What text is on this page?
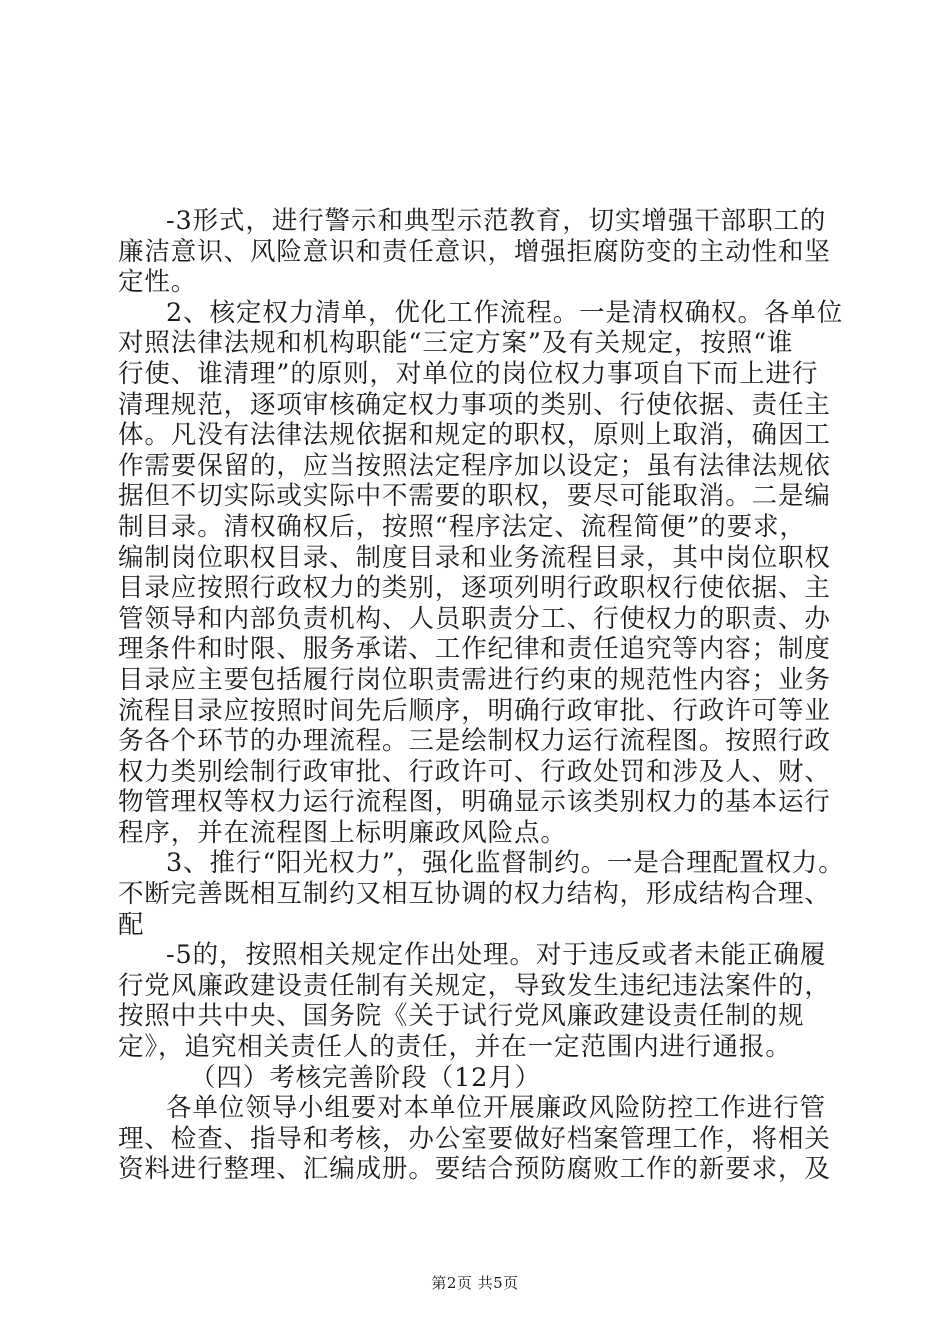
-3形式，进行警示和典型示范教育，切实增强干部职工的
廉洁意识、风险意识和责任意识，增强拒腐防变的主动性和坚
定性。
2、核定权力清单，优化工作流程。一是清权确权。各单位
对照法律法规和机构职能“三定方案”及有关规定，按照“谁
行使、谁清理”的原则，对单位的岗位权力事项自下而上进行
清理规范，逐项审核确定权力事项的类别、行使依据、责任主
体。凡没有法律法规依据和规定的职权，原则上取消，确因工
作需要保留的，应当按照法定程序加以设定；虽有法律法规依
据但不切实际或实际中不需要的职权，要尽可能取消。二是编
制目录。清权确权后，按照“程序法定、流程简便”的要求，
编制岗位职权目录、制度目录和业务流程目录，其中岗位职权
目录应按照行政权力的类别，逐项列明行政职权行使依据、主
管领导和内部负责机构、人员职责分工、行使权力的职责、办
理条件和时限、服务承诺、工作纪律和责任追究等内容；制度
目录应主要包括履行岗位职责需进行约束的规范性内容；业务
流程目录应按照时间先后顺序，明确行政审批、行政许可等业
务各个环节的办理流程。三是绘制权力运行流程图。按照行政
权力类别绘制行政审批、行政许可、行政处罚和涉及人、财、
物管理权等权力运行流程图，明确显示该类别权力的基本运行
程序，并在流程图上标明廉政风险点。
3、推行“阳光权力”，强化监督制约。一是合理配置权力。
不断完善既相互制约又相互协调的权力结构，形成结构合理、
配
-5的，按照相关规定作出处理。对于违反或者未能正确履
行党风廉政建设责任制有关规定，导致发生违纪违法案件的，
按照中共中央、国务院《关于试行党风廉政建设责任制的规
定》，追究相关责任人的责任，并在一定范围内进行通报。
（四）考核完善阶段（12月）
各单位领导小组要对本单位开展廉政风险防控工作进行管
理、检查、指导和考核，办公室要做好档案管理工作，将相关
资料进行整理、汇编成册。要结合预防腐败工作的新要求，及
第2页 共5页
